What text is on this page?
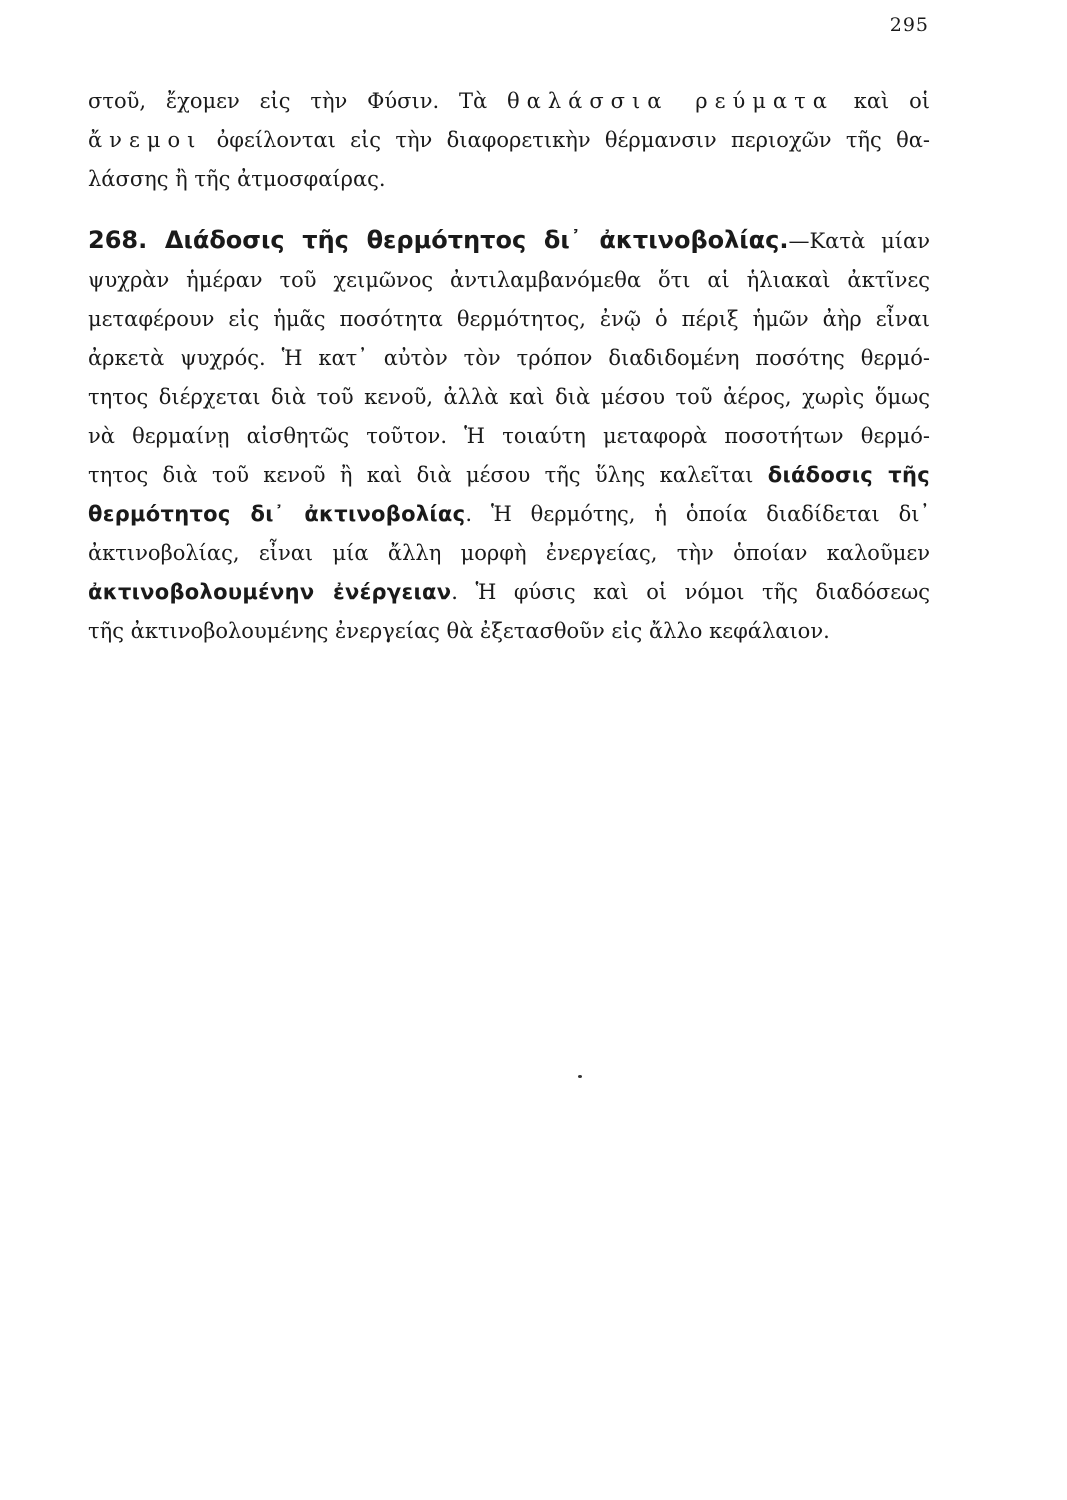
295
στοῦ, ἔχομεν εἰς τὴν Φύσιν. Τὰ θαλάσσια ρεύματα καὶ οἱ
ἄνεμοι ὀφείλονται εἰς τὴν διαφορετικὴν θέρμανσιν περιοχῶν τῆς θα-
λάσσης ἢ τῆς ἀτμοσφαίρας.
268. Διάδοσις τῆς θερμότητος δι᾽ ἀκτινοβολίας.—Κατὰ μίαν
ψυχρὰν ἡμέραν τοῦ χειμῶνος ἀντιλαμβανόμεθα ὅτι αἱ ἡλιακαὶ ἀκτῖνες
μεταφέρουν εἰς ἡμᾶς ποσότητα θερμότητος, ἐνῷ ὁ πέριξ ἡμῶν ἀὴρ εἶναι
ἀρκετὰ ψυχρός. Ἡ κατ᾽ αὐτὸν τὸν τρόπον διαδιδομένη ποσότης θερμό-
τητος διέρχεται διὰ τοῦ κενοῦ, ἀλλὰ καὶ διὰ μέσου τοῦ ἀέρος, χωρὶς ὅμως
νὰ θερμαίνῃ αἰσθητῶς τοῦτον. Ἡ τοιαύτη μεταφορὰ ποσοτήτων θερμό-
τητος διὰ τοῦ κενοῦ ἢ καὶ διὰ μέσου τῆς ὕλης καλεῖται διάδοσις τῆς
θερμότητος δι᾽ ἀκτινοβολίας. Ἡ θερμότης, ἡ ὁποία διαδίδεται δι᾽
ἀκτινοβολίας, εἶναι μία ἄλλη μορφὴ ἐνεργείας, τὴν ὁποίαν καλοῦμεν
ἀκτινοβολουμένην ἐνέργειαν. Ἡ φύσις καὶ οἱ νόμοι τῆς διαδόσεως
τῆς ἀκτινοβολουμένης ἐνεργείας θὰ ἐξετασθοῦν εἰς ἄλλο κεφάλαιον.
